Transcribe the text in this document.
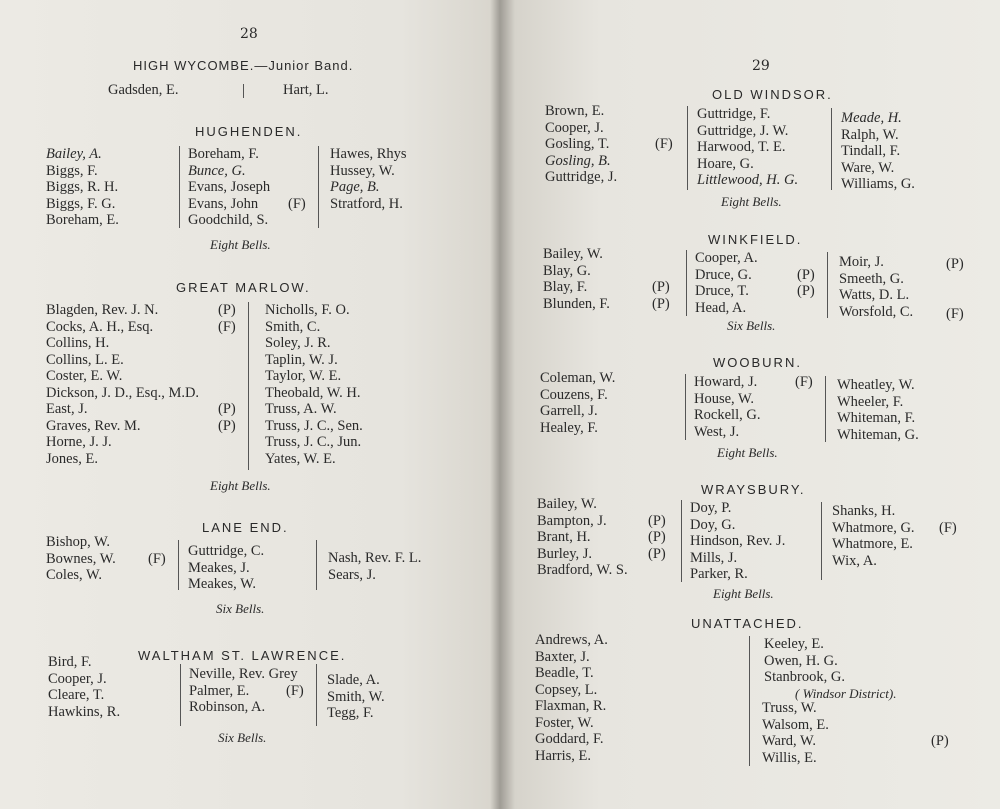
28
HIGH WYCOMBE.—Junior Band.
Gadsden, E.	Hart, L.
HUGHENDEN.
Bailey, A.
Biggs, F.
Biggs, R. H.
Biggs, F. G.
Boreham, E.
Boreham, F.
Bunce, G.
Evans, Joseph
Evans, John
Goodchild, S.
(F)
Hawes, Rhys
Hussey, W.
Page, B.
Stratford, H.
Eight Bells.
GREAT MARLOW.
Blagden, Rev. J. N.
Cocks, A. H., Esq.
Collins, H.
Collins, L. E.
Coster, E. W.
Dickson, J. D., Esq., M.D.
East, J.
Graves, Rev. M.
Horne, J. J.
Jones, E.
(P)
(F)
(P)
(P)
Nicholls, F. O.
Smith, C.
Soley, J. R.
Taplin, W. J.
Taylor, W. E.
Theobald, W. H.
Truss, A. W.
Truss, J. C., Sen.
Truss, J. C., Jun.
Yates, W. E.
Eight Bells.
LANE END.
Bishop, W.
Bownes, W.
Coles, W.
(F) Guttridge, C.
Meakes, J.
Meakes, W.
Nash, Rev. F. L.
Sears, J.
Six Bells.
WALTHAM ST. LAWRENCE.
Bird, F.
Cooper, J.
Cleare, T.
Hawkins, R.
Neville, Rev. Grey
Palmer, E.
Robinson, A.
(F)
Slade, A.
Smith, W.
Tegg, F.
Six Bells.
29
OLD WINDSOR.
Brown, E.
Cooper, J.
Gosling, T.
Gosling, B.
Guttridge, J.
(F)
Guttridge, F.
Guttridge, J. W.
Harwood, T. E.
Hoare, G.
Littlewood, H. G.
Meade, H.
Ralph, W.
Tindall, F.
Ware, W.
Williams, G.
Eight Bells.
WINKFIELD.
Bailey, W.
Blay, G.
Blay, F.
Blunden, F.
(P)
(P)
Cooper, A.
Druce, G.
Druce, T.
Head, A.
(P)
(P)
Moir, J.
Smeeth, G.
Watts, D. L.
Worsfold, C.
(P)
(F)
Six Bells.
WOOBURN.
Coleman, W.
Couzens, F.
Garrell, J.
Healey, F.
Howard, J.
House, W.
Rockell, G.
West, J.
(F) Wheatley, W.
Wheeler, F.
Whiteman, F.
Whiteman, G.
Eight Bells.
WRAYSBURY.
Bailey, W.
Bampton, J.
Brant, H.
Burley, J.
Bradford, W. S.
(P)
(P)
(P)
Doy, P.
Doy, G.
Hindson, Rev. J.
Mills, J.
Parker, R.
Shanks, H.
Whatmore, G.
Whatmore, E.
Wix, A.
(F)
Eight Bells.
UNATTACHED.
Andrews, A.
Baxter, J.
Beadle, T.
Copsey, L.
Flaxman, R.
Foster, W.
Goddard, F.
Harris, E.
Keeley, E.
Owen, H. G.
Stanbrook, G.
( Windsor District).
Truss, W.
Walsom, E.
Ward, W.
Willis, E.
(P)
